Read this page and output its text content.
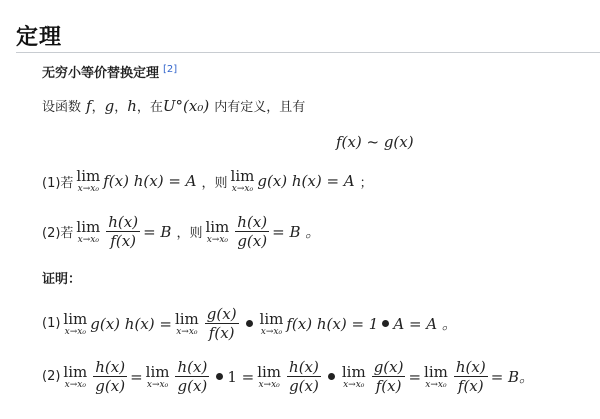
定理
无穷小等价替换定理 [2]
设函数 f ， g ， h ，在 U°(x₀) 内有定义，且有
f(x) ~ g(x)
(1)若 lim
x→x₀ f(x) h(x) = A ，则 lim
x→x₀ g(x) h(x) = A ；
(2)若 lim
$x\to x_0 \frac{h(x)}{f(x)} = B$ ，则 lim
$x\to x_0 \frac{h(x)}{g(x)} = B$ 。
证明：
(1) lim
x→x₀ g(x) h(x) = lim
$x\to x_0 \frac{g(x)}{f(x)}$ lim
x→x₀ f(x) h(x) = 1 A = A 。
(2) lim
$x\to x_0 \frac{h(x)}{g(x)} = \lim$
$x\to x_0 \frac{h(x)}{g(x)} 1 = \lim$
$x\to x_0 \frac{h(x)}{g(x)}$ lim
$x\to x_0 \frac{g(x)}{f(x)} = \lim$
$x\to x_0 \frac{h(x)}{f(x)} = B$。
